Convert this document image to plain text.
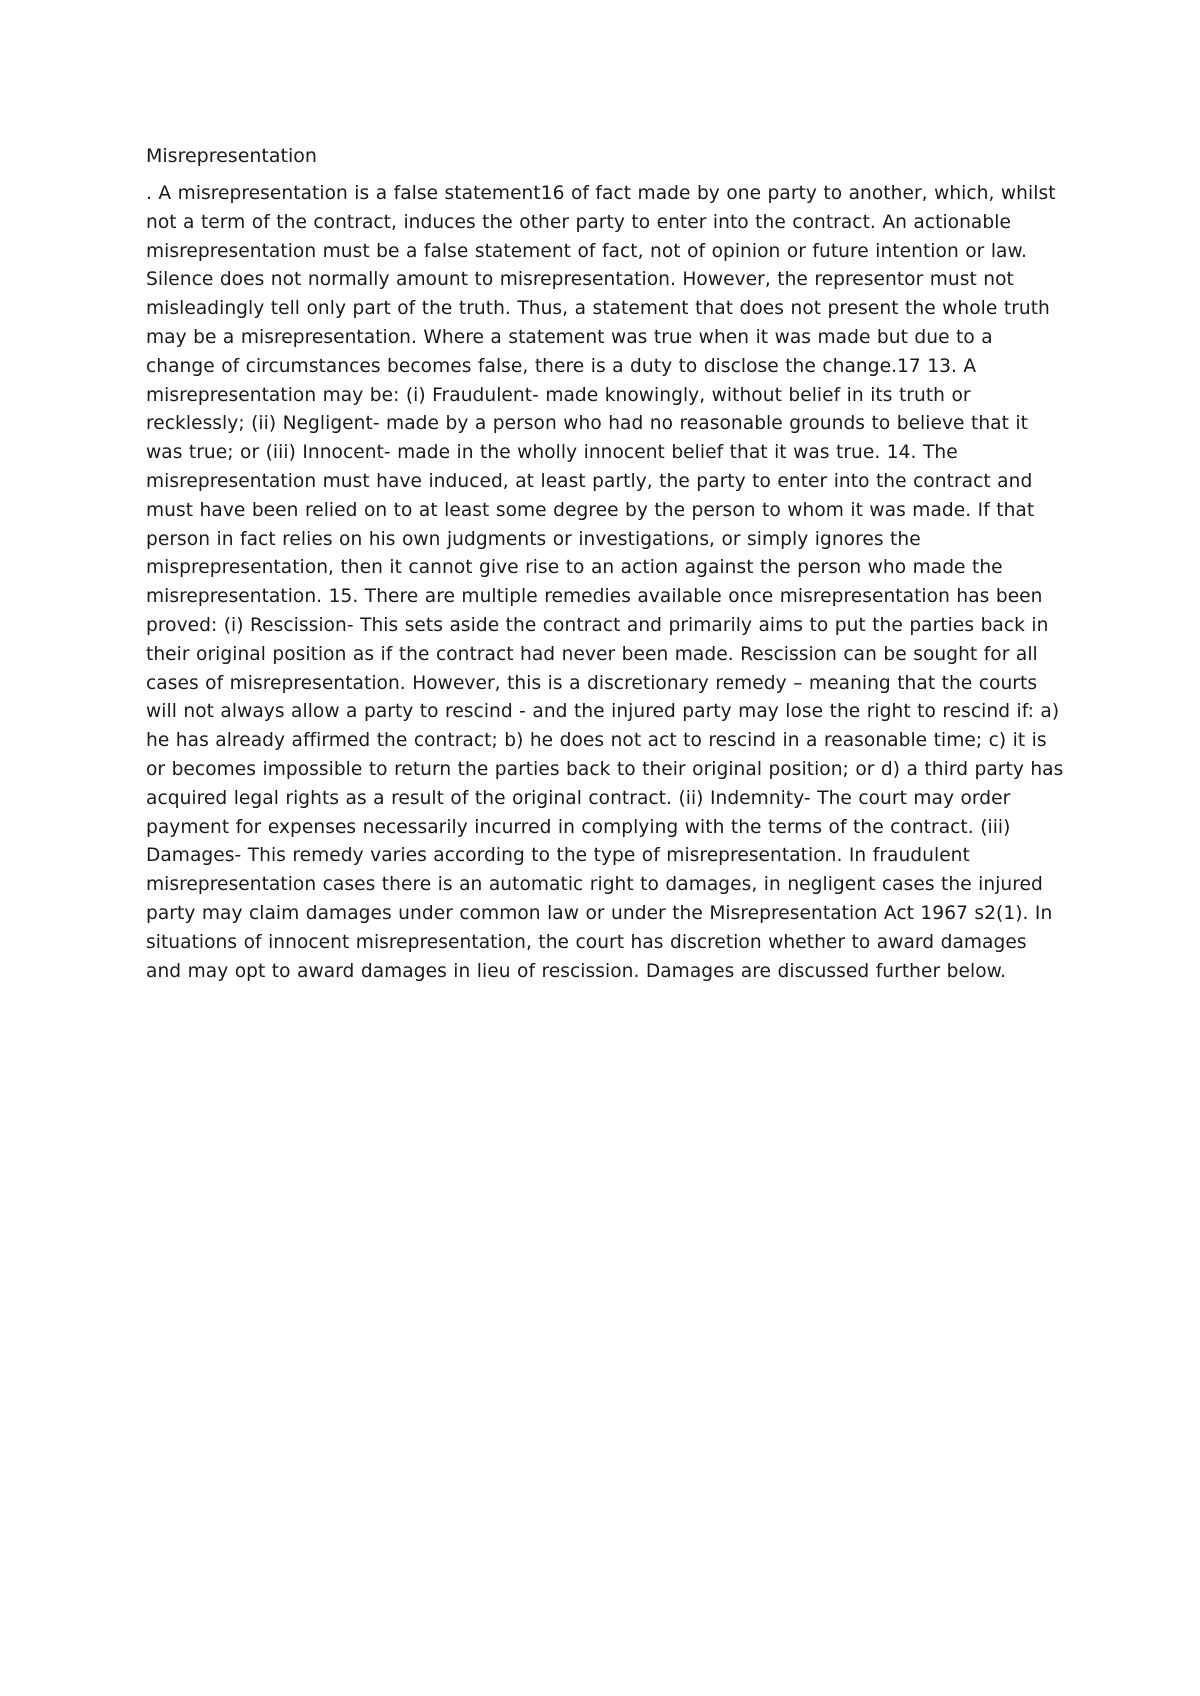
Misrepresentation

. A misrepresentation is a false statement16 of fact made by one party to another, which, whilst not a term of the contract, induces the other party to enter into the contract. An actionable misrepresentation must be a false statement of fact, not of opinion or future intention or law. Silence does not normally amount to misrepresentation. However, the representor must not misleadingly tell only part of the truth. Thus, a statement that does not present the whole truth may be a misrepresentation. Where a statement was true when it was made but due to a change of circumstances becomes false, there is a duty to disclose the change.17 13. A misrepresentation may be: (i) Fraudulent- made knowingly, without belief in its truth or recklessly; (ii) Negligent- made by a person who had no reasonable grounds to believe that it was true; or (iii) Innocent- made in the wholly innocent belief that it was true. 14. The misrepresentation must have induced, at least partly, the party to enter into the contract and must have been relied on to at least some degree by the person to whom it was made. If that person in fact relies on his own judgments or investigations, or simply ignores the misprepresentation, then it cannot give rise to an action against the person who made the misrepresentation. 15. There are multiple remedies available once misrepresentation has been proved: (i) Rescission- This sets aside the contract and primarily aims to put the parties back in their original position as if the contract had never been made. Rescission can be sought for all cases of misrepresentation. However, this is a discretionary remedy – meaning that the courts will not always allow a party to rescind - and the injured party may lose the right to rescind if: a) he has already affirmed the contract; b) he does not act to rescind in a reasonable time; c) it is or becomes impossible to return the parties back to their original position; or d) a third party has acquired legal rights as a result of the original contract. (ii) Indemnity- The court may order payment for expenses necessarily incurred in complying with the terms of the contract. (iii) Damages- This remedy varies according to the type of misrepresentation. In fraudulent misrepresentation cases there is an automatic right to damages, in negligent cases the injured party may claim damages under common law or under the Misrepresentation Act 1967 s2(1). In situations of innocent misrepresentation, the court has discretion whether to award damages and may opt to award damages in lieu of rescission. Damages are discussed further below.
